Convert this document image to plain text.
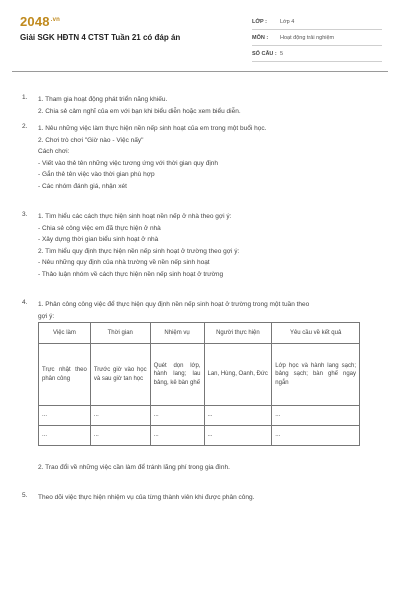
$2048^{.vn}$
Giải SGK HĐTN 4 CTST Tuần 21 có đáp án
LỚP :	Lớp 4
MÔN :	Hoạt động trải nghiệm
SỐ CÂU : 5
1.	1. Tham gia hoạt động phát triển năng khiếu.
2. Chia sẻ cảm nghĩ của em với bạn khi biểu diễn hoặc xem biểu diễn.
2.	1. Nêu những việc làm thực hiện nền nếp sinh hoạt của em trong một buổi học.
2. Chơi trò chơi "Giờ nào - Việc nấy"
Cách chơi:
- Viết vào thẻ tên những việc tương ứng với thời gian quy định
- Gắn thẻ tên việc vào thời gian phù hợp
- Các nhóm đánh giá, nhận xét
3.	1. Tìm hiểu các cách thực hiện sinh hoạt nền nếp ở nhà theo gợi ý:
- Chia sẻ công việc em đã thực hiện ở nhà
- Xây dựng thời gian biểu sinh hoạt ở nhà
2. Tìm hiểu quy định thực hiện nền nếp sinh hoạt ở trường theo gợi ý:
- Nêu những quy định của nhà trường về nền nếp sinh hoạt
- Thảo luận nhóm về cách thực hiện nền nếp sinh hoạt ở trường
4.	1. Phân công công việc để thực hiện quy định nền nếp sinh hoạt ở trường trong một tuần theo
gợi ý:
Việc làm	Thời gian	Nhiệm vụ	Người thực hiện	Yêu cầu về kết quả
Trực nhật theo phân công	Trước giờ vào học và sau giờ tan học	Quét dọn lớp, hành lang; lau bảng, kê bàn ghế	Lan, Hùng, Oanh, Đức	Lớp học và hành lang sạch; bảng sạch; bàn ghế ngay ngắn
...	...	...	...	...
...	...	...	...	...
2. Trao đổi về những việc cần làm để tránh lãng phí trong gia đình.
5.	Theo dõi việc thực hiện nhiệm vụ của từng thành viên khi được phân công.
